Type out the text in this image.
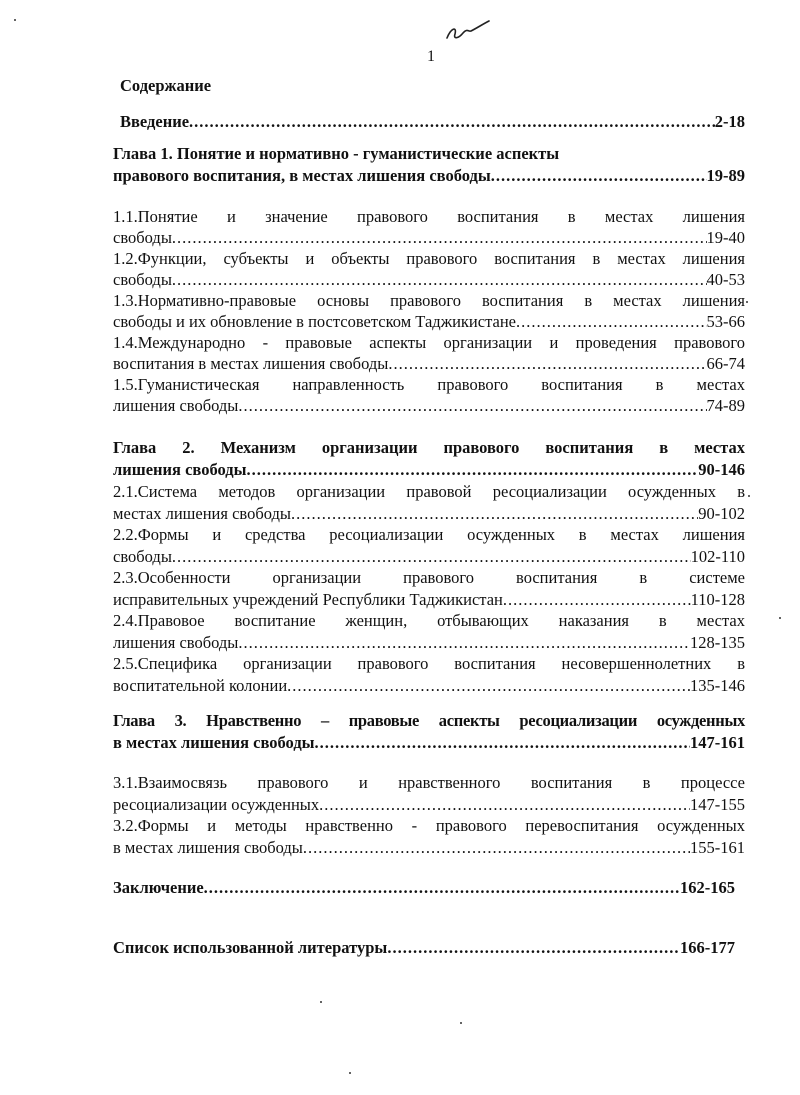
1
Содержание
Введение .....	2-18
Глава 1. Понятие и нормативно - гуманистические аспекты
правового воспитания, в местах лишения свободы .....	19-89
1.1.Понятие и значение правового воспитания в местах лишения
свободы .....	19-40
1.2.Функции, субъекты и объекты правового воспитания в местах лишения
свободы .....	40-53
1.3.Нормативно-правовые основы правового воспитания в местах лишения
свободы и их обновление в постсоветском Таджикистане .....	53-66
1.4.Международно - правовые аспекты организации и проведения правового
воспитания в местах лишения свободы .....	66-74
1.5.Гуманистическая направленность правового воспитания в местах
лишения свободы .....	74-89
Глава 2. Механизм организации правового воспитания в местах
лишения свободы .....	90-146
2.1.Система методов организации правовой ресоциализации осужденных в
местах лишения свободы .....	90-102
2.2.Формы и средства ресоциализации осужденных в местах лишения
свободы .....	102-110
2.3.Особенности организации правового воспитания в системе
исправительных учреждений Республики Таджикистан .....	110-128
2.4.Правовое воспитание женщин, отбывающих наказания в местах
лишения свободы .....	128-135
2.5.Специфика организации правового воспитания несовершеннолетних в
воспитательной колонии .....	135-146
Глава 3. Нравственно – правовые аспекты ресоциализации осужденных
в местах лишения свободы .....	147-161
3.1.Взаимосвязь правового и нравственного воспитания в процессе
ресоциализации осужденных .....	147-155
3.2.Формы и методы нравственно - правового перевоспитания осужденных
в местах лишения свободы .....	155-161
Заключение .....	162-165
Список использованной литературы .....	166-177
